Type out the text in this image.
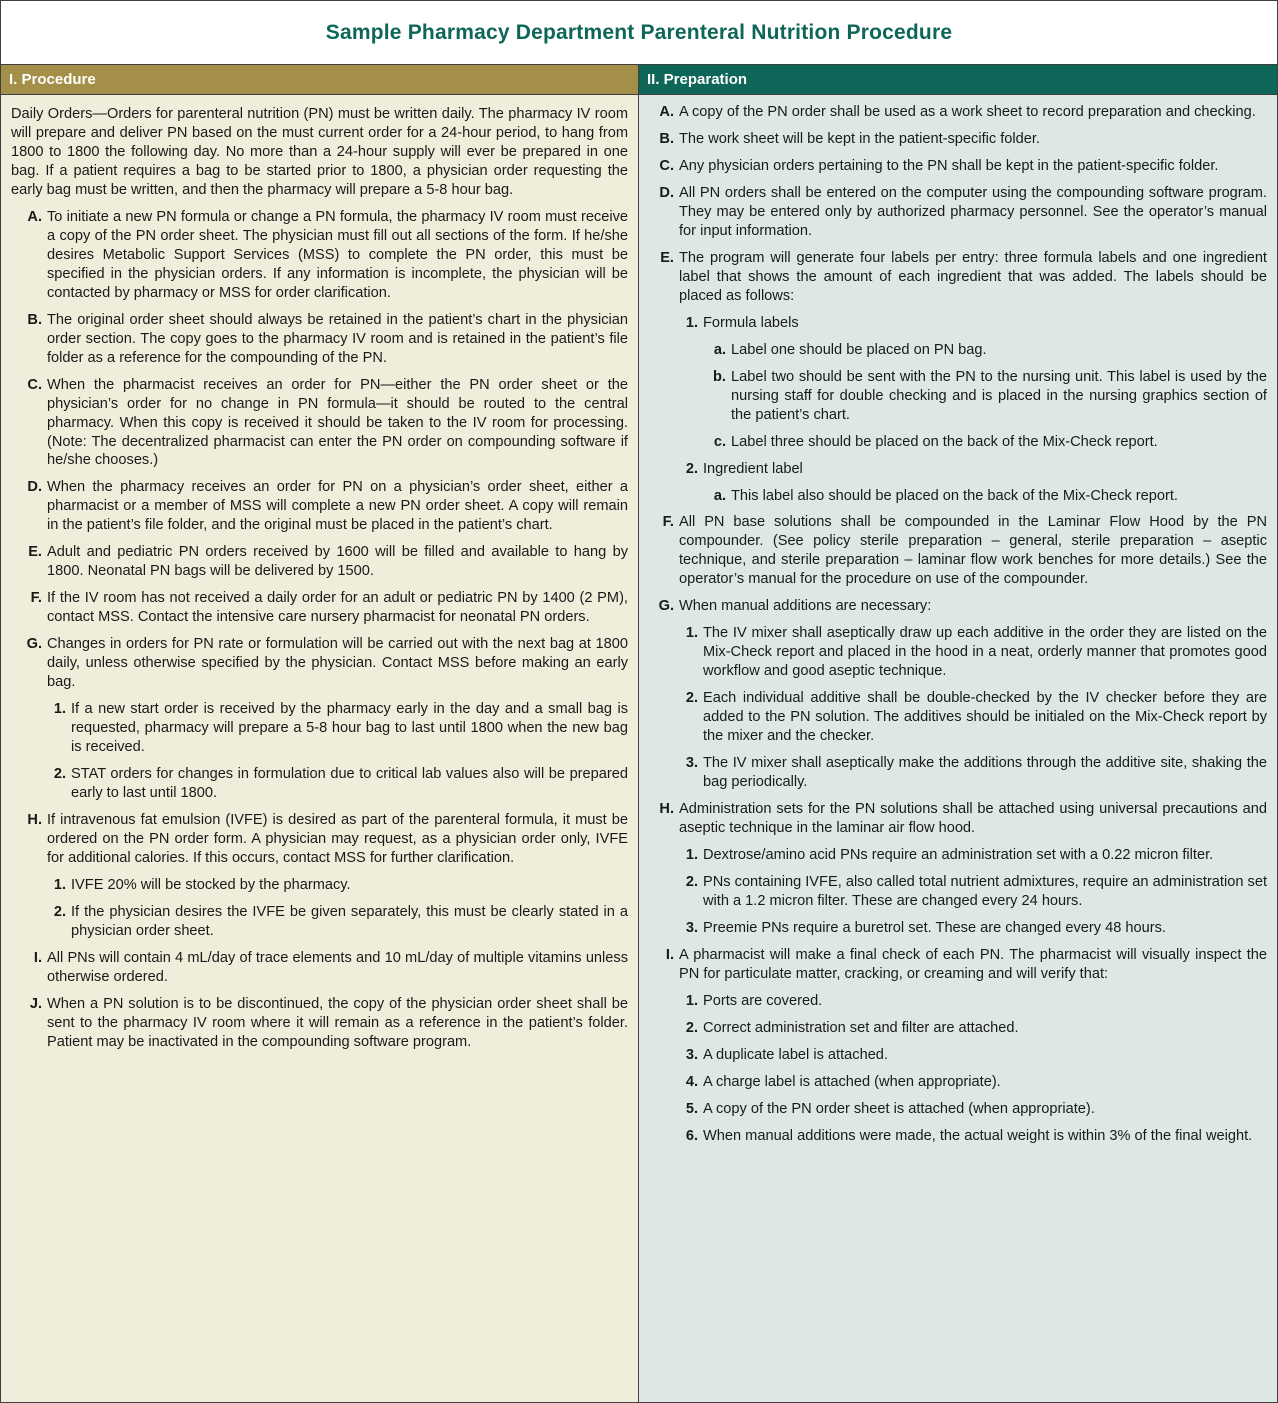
Sample Pharmacy Department Parenteral Nutrition Procedure
I. Procedure

Daily Orders—Orders for parenteral nutrition (PN) must be written daily. The pharmacy IV room will prepare and deliver PN based on the must current order for a 24-hour period, to hang from 1800 to 1800 the following day. No more than a 24-hour supply will ever be prepared in one bag. If a patient requires a bag to be started prior to 1800, a physician order requesting the early bag must be written, and then the pharmacy will prepare a 5-8 hour bag.

A. To initiate a new PN formula or change a PN formula, the pharmacy IV room must receive a copy of the PN order sheet. The physician must fill out all sections of the form. If he/she desires Metabolic Support Services (MSS) to complete the PN order, this must be specified in the physician orders. If any information is incomplete, the physician will be contacted by pharmacy or MSS for order clarification.
B. The original order sheet should always be retained in the patient’s chart in the physician order section. The copy goes to the pharmacy IV room and is retained in the patient’s file folder as a reference for the compounding of the PN.
C. When the pharmacist receives an order for PN—either the PN order sheet or the physician’s order for no change in PN formula—it should be routed to the central pharmacy. When this copy is received it should be taken to the IV room for processing. (Note: The decentralized pharmacist can enter the PN order on compounding software if he/she chooses.)
D. When the pharmacy receives an order for PN on a physician’s order sheet, either a pharmacist or a member of MSS will complete a new PN order sheet. A copy will remain in the patient’s file folder, and the original must be placed in the patient’s chart.
E. Adult and pediatric PN orders received by 1600 will be filled and available to hang by 1800. Neonatal PN bags will be delivered by 1500.
F. If the IV room has not received a daily order for an adult or pediatric PN by 1400 (2 PM), contact MSS. Contact the intensive care nursery pharmacist for neonatal PN orders.
G. Changes in orders for PN rate or formulation will be carried out with the next bag at 1800 daily, unless otherwise specified by the physician. Contact MSS before making an early bag.
1. If a new start order is received by the pharmacy early in the day and a small bag is requested, pharmacy will prepare a 5-8 hour bag to last until 1800 when the new bag is received.
2. STAT orders for changes in formulation due to critical lab values also will be prepared early to last until 1800.
H. If intravenous fat emulsion (IVFE) is desired as part of the parenteral formula, it must be ordered on the PN order form. A physician may request, as a physician order only, IVFE for additional calories. If this occurs, contact MSS for further clarification.
1. IVFE 20% will be stocked by the pharmacy.
2. If the physician desires the IVFE be given separately, this must be clearly stated in a physician order sheet.
I. All PNs will contain 4 mL/day of trace elements and 10 mL/day of multiple vitamins unless otherwise ordered.
J. When a PN solution is to be discontinued, the copy of the physician order sheet shall be sent to the pharmacy IV room where it will remain as a reference in the patient’s folder. Patient may be inactivated in the compounding software program.
II. Preparation
A. A copy of the PN order shall be used as a work sheet to record preparation and checking.
B. The work sheet will be kept in the patient-specific folder.
C. Any physician orders pertaining to the PN shall be kept in the patient-specific folder.
D. All PN orders shall be entered on the computer using the compounding software program. They may be entered only by authorized pharmacy personnel. See the operator’s manual for input information.
E. The program will generate four labels per entry: three formula labels and one ingredient label that shows the amount of each ingredient that was added. The labels should be placed as follows:
1. Formula labels
a. Label one should be placed on PN bag.
b. Label two should be sent with the PN to the nursing unit. This label is used by the nursing staff for double checking and is placed in the nursing graphics section of the patient’s chart.
c. Label three should be placed on the back of the Mix-Check report.
2. Ingredient label
a. This label also should be placed on the back of the Mix-Check report.
F. All PN base solutions shall be compounded in the Laminar Flow Hood by the PN compounder. (See policy sterile preparation – general, sterile preparation – aseptic technique, and sterile preparation – laminar flow work benches for more details.) See the operator’s manual for the procedure on use of the compounder.
G. When manual additions are necessary:
1. The IV mixer shall aseptically draw up each additive in the order they are listed on the Mix-Check report and placed in the hood in a neat, orderly manner that promotes good workflow and good aseptic technique.
2. Each individual additive shall be double-checked by the IV checker before they are added to the PN solution. The additives should be initialed on the Mix-Check report by the mixer and the checker.
3. The IV mixer shall aseptically make the additions through the additive site, shaking the bag periodically.
H. Administration sets for the PN solutions shall be attached using universal precautions and aseptic technique in the laminar air flow hood.
1. Dextrose/amino acid PNs require an administration set with a 0.22 micron filter.
2. PNs containing IVFE, also called total nutrient admixtures, require an administration set with a 1.2 micron filter. These are changed every 24 hours.
3. Preemie PNs require a buretrol set. These are changed every 48 hours.
I. A pharmacist will make a final check of each PN. The pharmacist will visually inspect the PN for particulate matter, cracking, or creaming and will verify that:
1. Ports are covered.
2. Correct administration set and filter are attached.
3. A duplicate label is attached.
4. A charge label is attached (when appropriate).
5. A copy of the PN order sheet is attached (when appropriate).
6. When manual additions were made, the actual weight is within 3% of the final weight.
